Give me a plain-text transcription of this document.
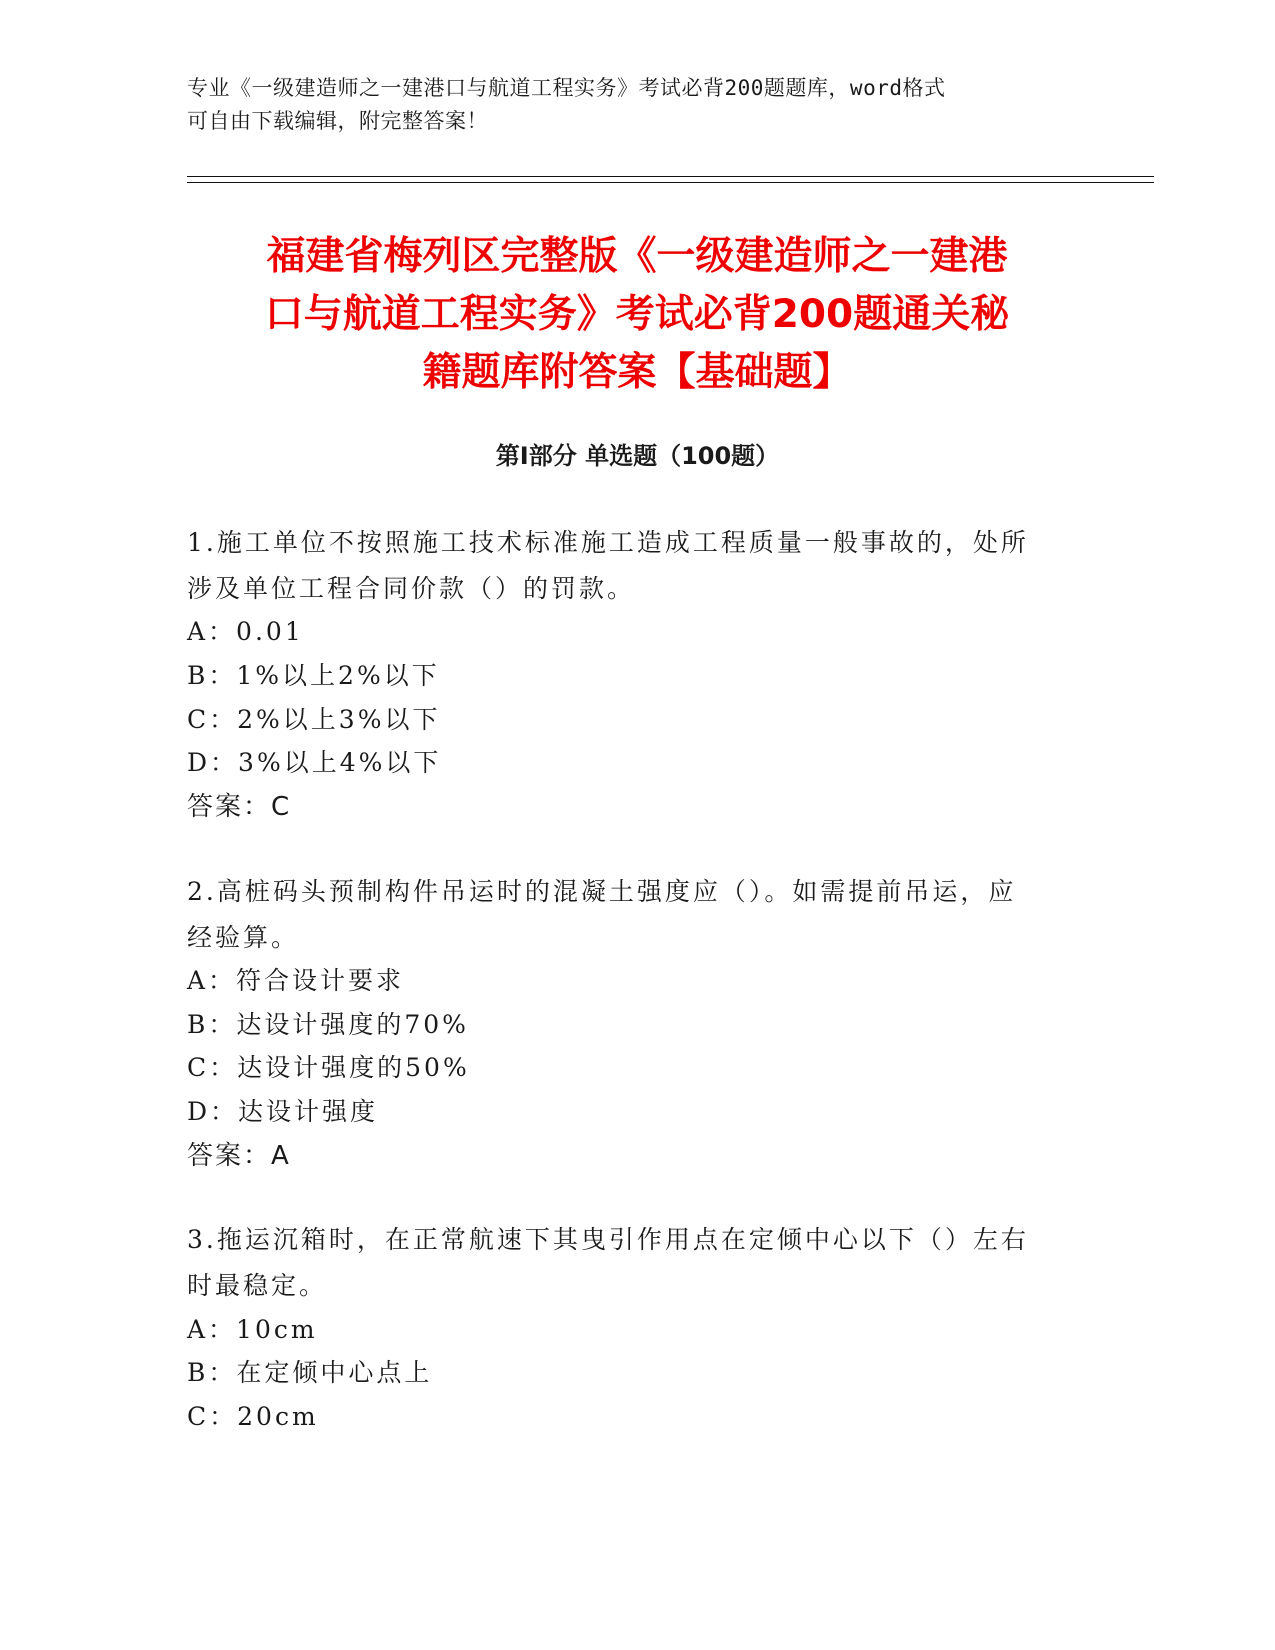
专业《一级建造师之一建港口与航道工程实务》考试必背200题题库，word格式
可自由下载编辑，附完整答案！
福建省梅列区完整版《一级建造师之一建港
口与航道工程实务》考试必背200题通关秘
籍题库附答案【基础题】
第Ⅰ部分 单选题（100题）
1.施工单位不按照施工技术标准施工造成工程质量一般事故的，处所
涉及单位工程合同价款（）的罚款。
A：0.01
B：1%以上2%以下
C：2%以上3%以下
D：3%以上4%以下
答案：C
2.高桩码头预制构件吊运时的混凝土强度应（）。如需提前吊运，应
经验算。
A：符合设计要求
B：达设计强度的70%
C：达设计强度的50%
D：达设计强度
答案：A
3.拖运沉箱时，在正常航速下其曳引作用点在定倾中心以下（）左右
时最稳定。
A：10cm
B：在定倾中心点上
C：20cm
